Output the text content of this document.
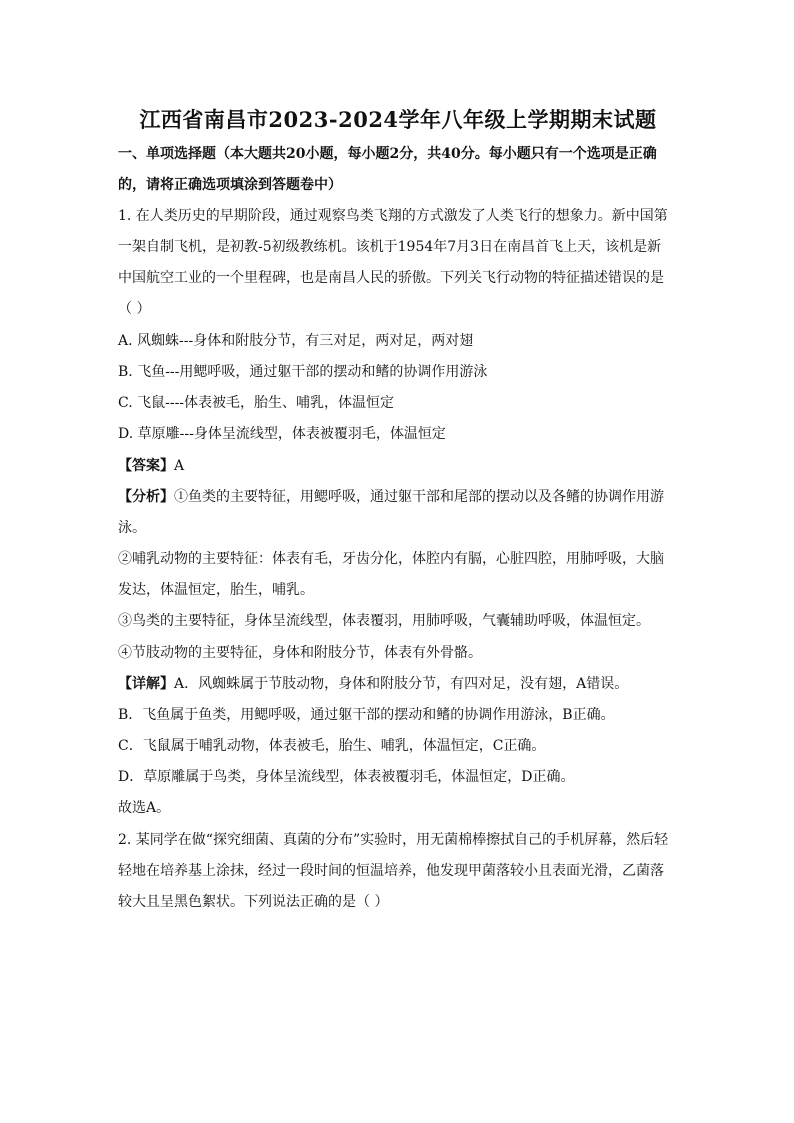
江西省南昌市2023-2024学年八年级上学期期末试题
一、单项选择题（本大题共20小题，每小题2分，共40分。每小题只有一个选项是正确
的，请将正确选项填涂到答题卷中）
1. 在人类历史的早期阶段，通过观察鸟类飞翔的方式激发了人类飞行的想象力。新中国第
一架自制飞机，是初教-5初级教练机。该机于1954年7月3日在南昌首飞上天，该机是新
中国航空工业的一个里程碑，也是南昌人民的骄傲。下列关飞行动物的特征描述错误的是
（ ）
A. 风蜘蛛---身体和附肢分节，有三对足，两对足，两对翅
B. 飞鱼---用鳃呼吸，通过躯干部的摆动和鳍的协调作用游泳
C. 飞鼠----体表被毛，胎生、哺乳，体温恒定
D. 草原雕---身体呈流线型，体表被覆羽毛，体温恒定
【答案】A
【分析】①鱼类的主要特征，用鳃呼吸，通过躯干部和尾部的摆动以及各鳍的协调作用游
泳。
②哺乳动物的主要特征：体表有毛，牙齿分化，体腔内有膈，心脏四腔，用肺呼吸，大脑
发达，体温恒定，胎生，哺乳。
③鸟类的主要特征，身体呈流线型，体表覆羽，用肺呼吸，气囊辅助呼吸，体温恒定。
④节肢动物的主要特征，身体和附肢分节，体表有外骨骼。
【详解】A．风蜘蛛属于节肢动物，身体和附肢分节，有四对足，没有翅，A错误。
B．飞鱼属于鱼类，用鳃呼吸，通过躯干部的摆动和鳍的协调作用游泳，B正确。
C．飞鼠属于哺乳动物，体表被毛，胎生、哺乳，体温恒定，C正确。
D．草原雕属于鸟类，身体呈流线型，体表被覆羽毛，体温恒定，D正确。
故选A。
2. 某同学在做“探究细菌、真菌的分布”实验时，用无菌棉棒擦拭自己的手机屏幕，然后轻
轻地在培养基上涂抹，经过一段时间的恒温培养，他发现甲菌落较小且表面光滑，乙菌落
较大且呈黑色絮状。下列说法正确的是（ ）
